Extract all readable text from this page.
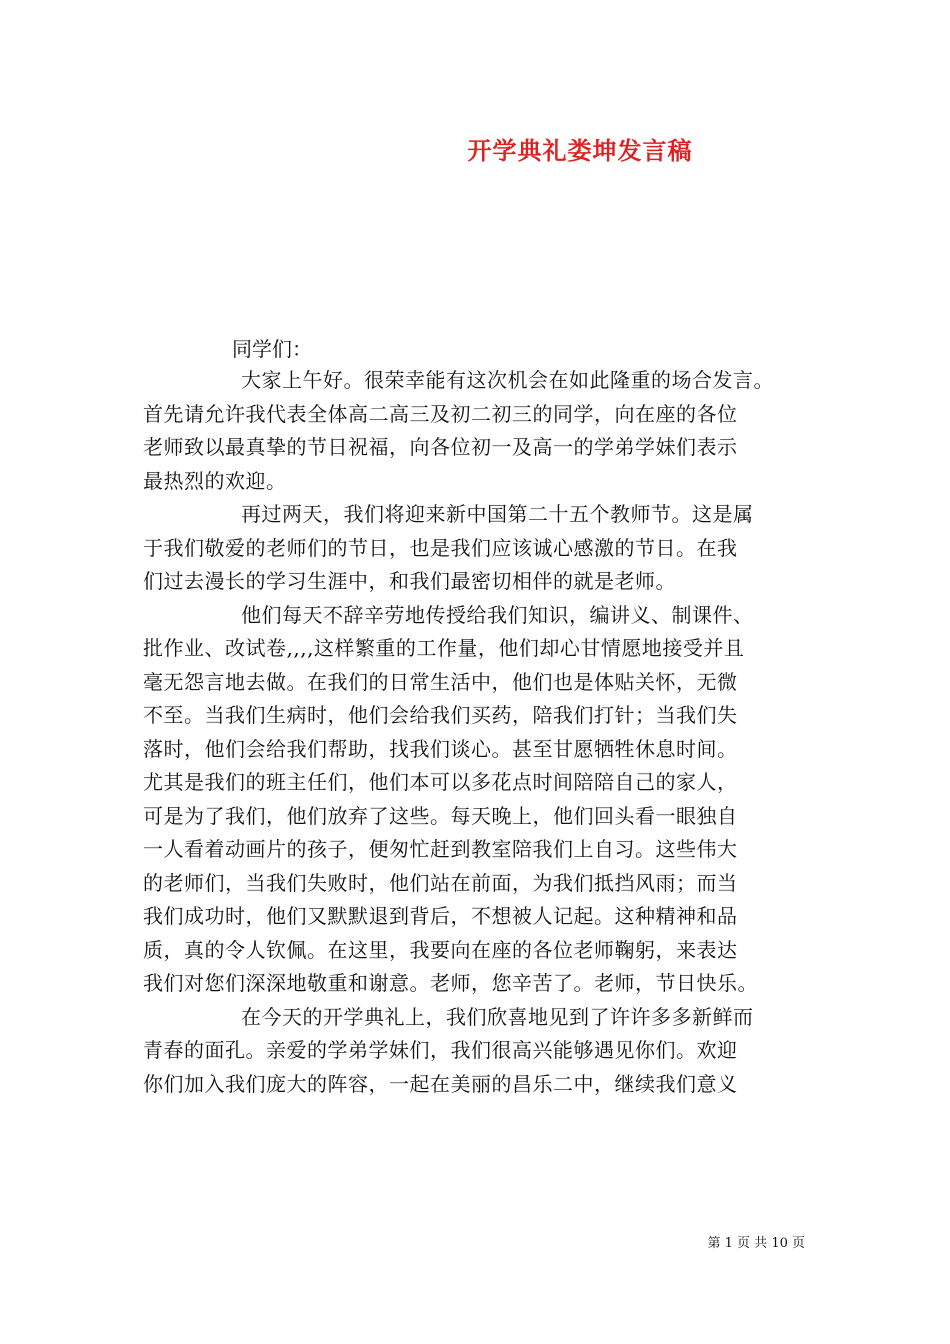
开学典礼娄坤发言稿
同学们：
大家上午好。很荣幸能有这次机会在如此隆重的场合发言。
首先请允许我代表全体高二高三及初二初三的同学，向在座的各位
老师致以最真挚的节日祝福，向各位初一及高一的学弟学妹们表示
最热烈的欢迎。
再过两天，我们将迎来新中国第二十五个教师节。这是属
于我们敬爱的老师们的节日，也是我们应该诚心感激的节日。在我
们过去漫长的学习生涯中，和我们最密切相伴的就是老师。
他们每天不辞辛劳地传授给我们知识，编讲义、制课件、
批作业、改试卷,,,,这样繁重的工作量，他们却心甘情愿地接受并且
毫无怨言地去做。在我们的日常生活中，他们也是体贴关怀，无微
不至。当我们生病时，他们会给我们买药，陪我们打针；当我们失
落时，他们会给我们帮助，找我们谈心。甚至甘愿牺牲休息时间。
尤其是我们的班主任们，他们本可以多花点时间陪陪自己的家人，
可是为了我们，他们放弃了这些。每天晚上，他们回头看一眼独自
一人看着动画片的孩子，便匆忙赶到教室陪我们上自习。这些伟大
的老师们，当我们失败时，他们站在前面，为我们抵挡风雨；而当
我们成功时，他们又默默退到背后，不想被人记起。这种精神和品
质，真的令人钦佩。在这里，我要向在座的各位老师鞠躬，来表达
我们对您们深深地敬重和谢意。老师，您辛苦了。老师，节日快乐。
在今天的开学典礼上，我们欣喜地见到了许许多多新鲜而
青春的面孔。亲爱的学弟学妹们，我们很高兴能够遇见你们。欢迎
你们加入我们庞大的阵容，一起在美丽的昌乐二中，继续我们意义
第 1 页 共 10 页
